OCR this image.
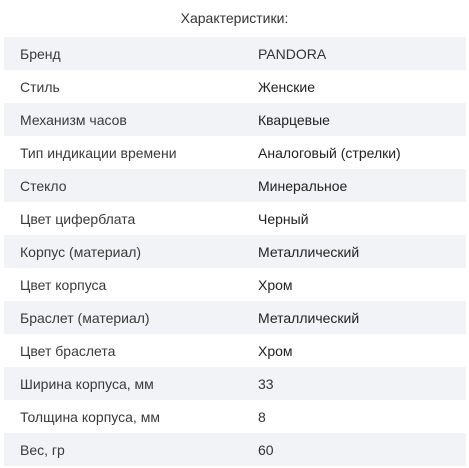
Характеристики:
Бренд	PANDORA
Стиль	Женские
Механизм часов	Кварцевые
Тип индикации времени	Аналоговый (стрелки)
Стекло	Минеральное
Цвет циферблата	Черный
Корпус (материал)	Металлический
Цвет корпуса	Хром
Браслет (материал)	Металлический
Цвет браслета	Хром
Ширина корпуса, мм	33
Толщина корпуса, мм	8
Вес, гр	60
